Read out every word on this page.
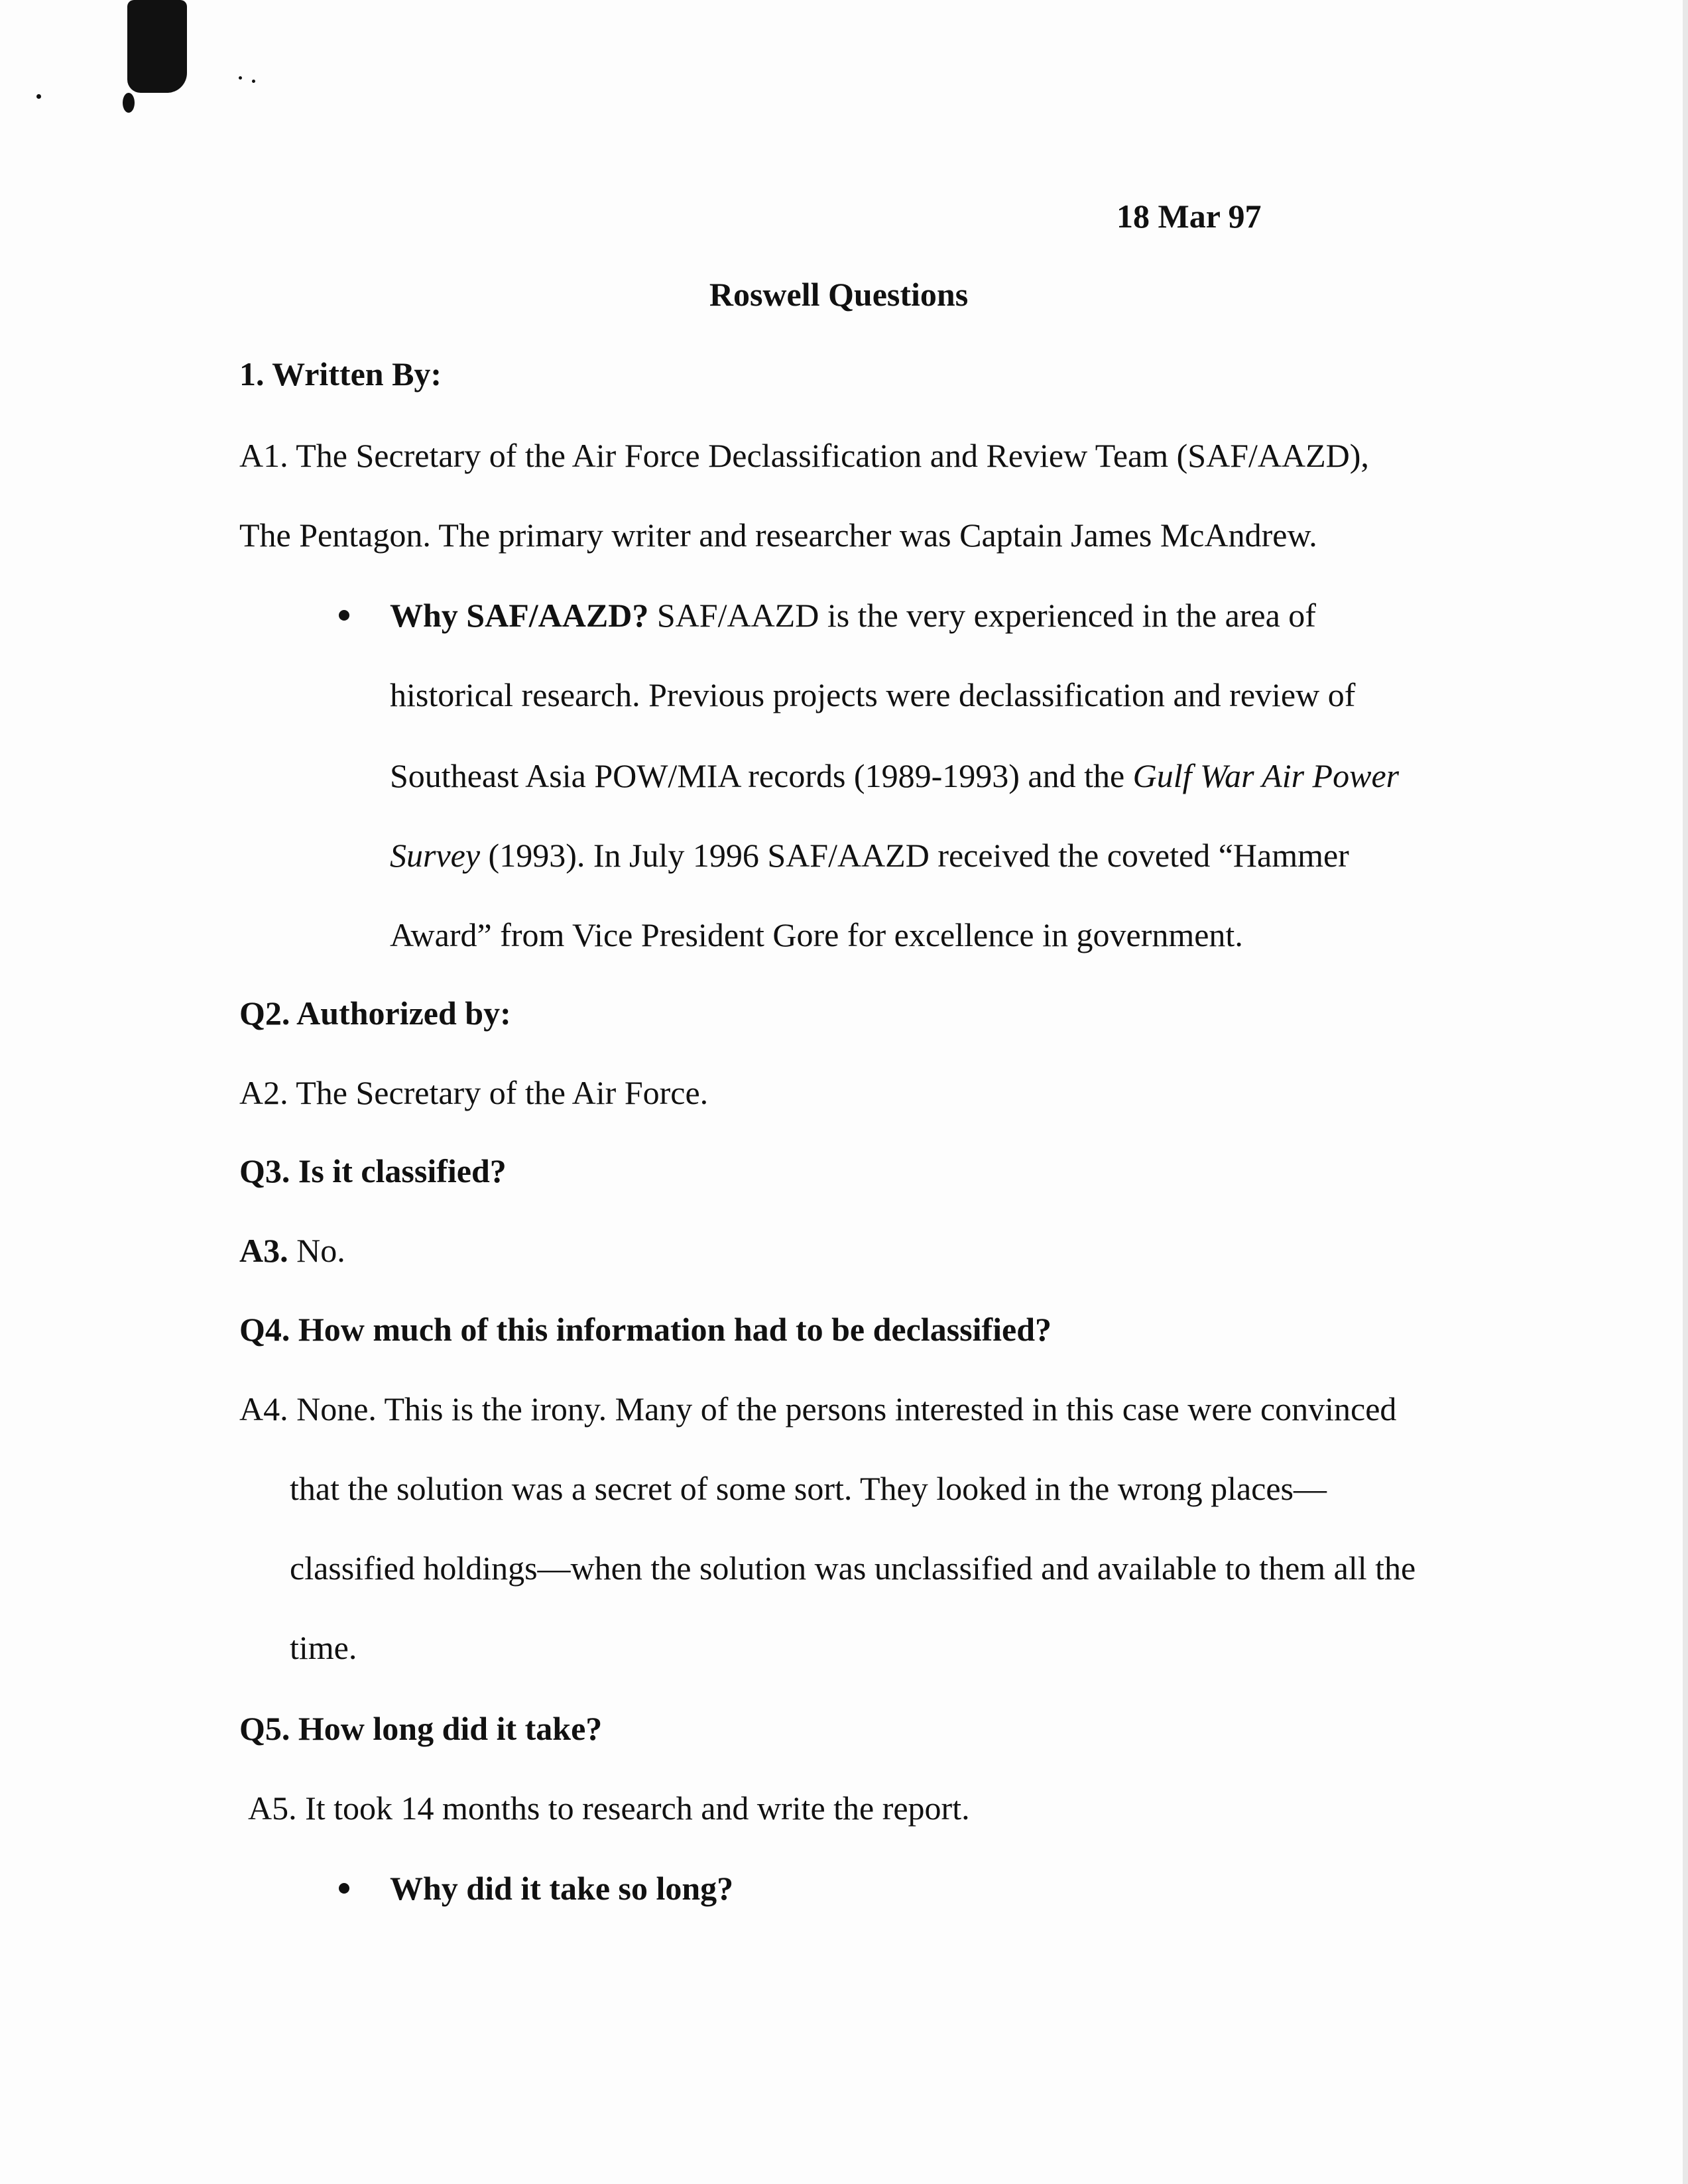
18 Mar 97
Roswell Questions
1. Written By:
A1. The Secretary of the Air Force Declassification and Review Team (SAF/AAZD),
The Pentagon. The primary writer and researcher was Captain James McAndrew.
Why SAF/AAZD? SAF/AAZD is the very experienced in the area of
historical research. Previous projects were declassification and review of
Southeast Asia POW/MIA records (1989-1993) and the Gulf War Air Power
Survey (1993). In July 1996 SAF/AAZD received the coveted “Hammer
Award” from Vice President Gore for excellence in government.
Q2. Authorized by:
A2. The Secretary of the Air Force.
Q3. Is it classified?
A3. No.
Q4. How much of this information had to be declassified?
A4. None. This is the irony. Many of the persons interested in this case were convinced
that the solution was a secret of some sort. They looked in the wrong places—
classified holdings—when the solution was unclassified and available to them all the
time.
Q5. How long did it take?
A5. It took 14 months to research and write the report.
Why did it take so long?
